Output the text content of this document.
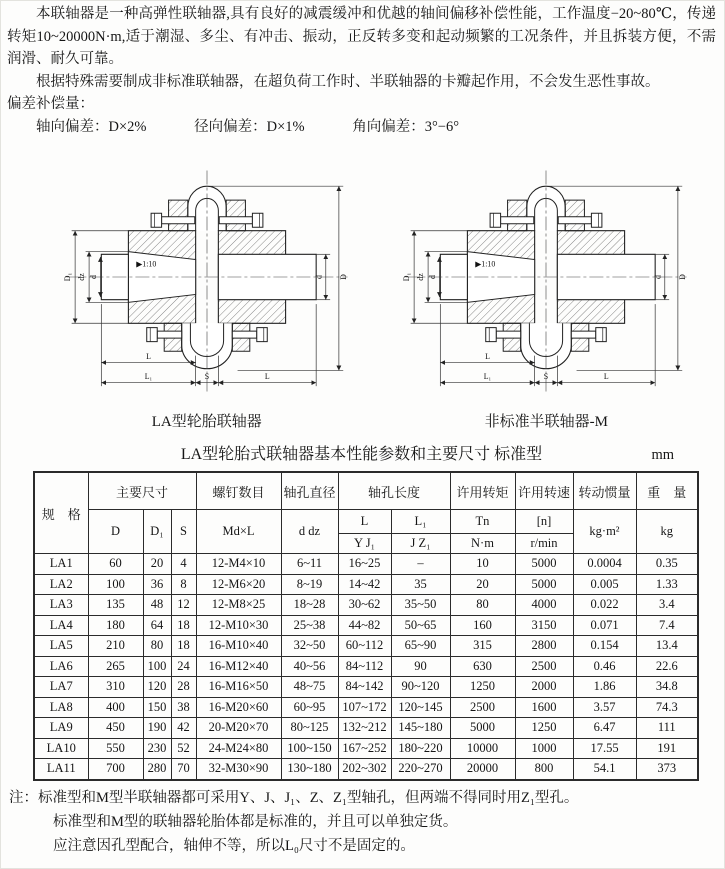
本联轴器是一种高弹性联轴器,具有良好的减震缓冲和优越的轴间偏移补偿性能，工作温度−20~80℃，传递转矩10~20000N·m,适于潮湿、多尘、有冲击、振动，正反转多变和起动频繁的工况条件，并且拆装方便，不需润滑、耐久可靠。

根据特殊需要制成非标准联轴器，在超负荷工作时、半联轴器的卡瓣起作用，不会发生恶性事故。

偏差补偿量：
轴向偏差：D×2%	径向偏差：D×1%	角向偏差：3°−6°
LA型轮胎联轴器	非标准半联轴器-M
LA型轮胎式联轴器基本性能参数和主要尺寸 标准型	mm
规　格	主要尺寸			螺钉数目	轴孔直径	轴孔长度		许用转矩	许用转速	转动惯量	重　量
	D	D₁	S	Md×L	d dz	L	L₁	Tn	[n]	kg·m²	kg
						Y J₁	J Z₁	N·m	r/min		
LA1	60	20	4	12-M4×10	6~11	16~25	–	10	5000	0.0004	0.35
LA2	100	36	8	12-M6×20	8~19	14~42	35	20	5000	0.005	1.33
LA3	135	48	12	12-M8×25	18~28	30~62	35~50	80	4000	0.022	3.4
LA4	180	64	18	12-M10×30	25~38	44~82	50~65	160	3150	0.071	7.4
LA5	210	80	18	16-M10×40	32~50	60~112	65~90	315	2800	0.154	13.4
LA6	265	100	24	16-M12×40	40~56	84~112	90	630	2500	0.46	22.6
LA7	310	120	28	16-M16×50	48~75	84~142	90~120	1250	2000	1.86	34.8
LA8	400	150	38	16-M20×60	60~95	107~172	120~145	2500	1600	3.57	74.3
LA9	450	190	42	20-M20×70	80~125	132~212	145~180	5000	1250	6.47	111
LA10	550	230	52	24-M24×80	100~150	167~252	180~220	10000	1000	17.55	191
LA11	700	280	70	32-M30×90	130~180	202~302	220~270	20000	800	54.1	373
注：标准型和M型半联轴器都可采用Y、J、J₁、Z、Z₁型轴孔，但两端不得同时用Z₁型孔。
标准型和M型的联轴器轮胎体都是标准的，并且可以单独定货。
应注意因孔型配合，轴伸不等，所以L₀尺寸不是固定的。
